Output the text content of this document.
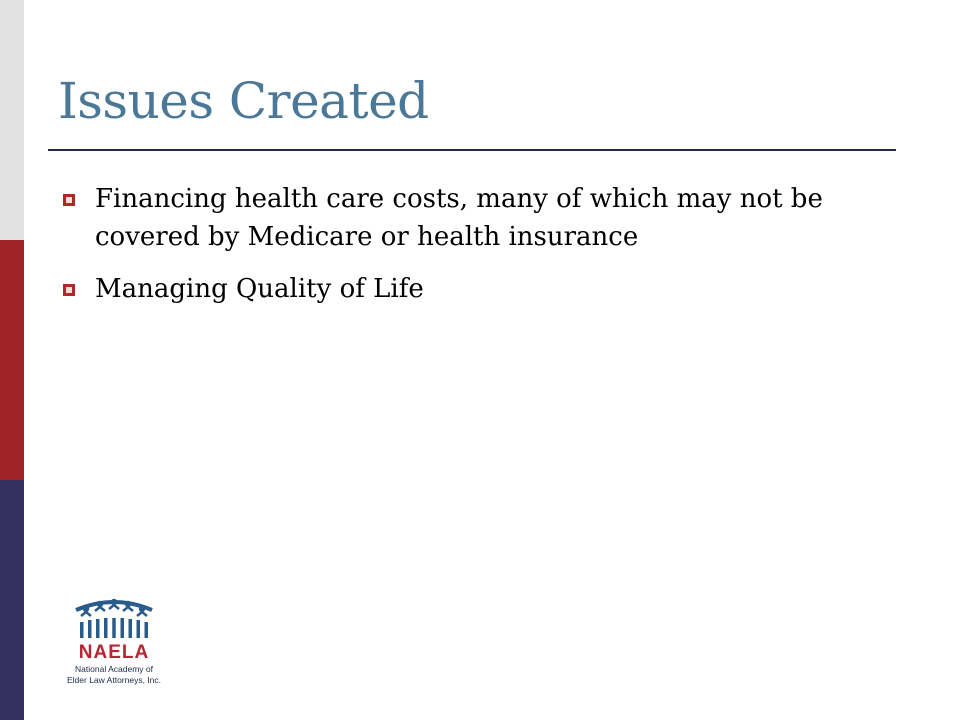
Issues Created
Financing health care costs, many of which may not be covered by Medicare or health insurance
Managing Quality of Life
NAELA
National Academy of
Elder Law Attorneys, Inc.
